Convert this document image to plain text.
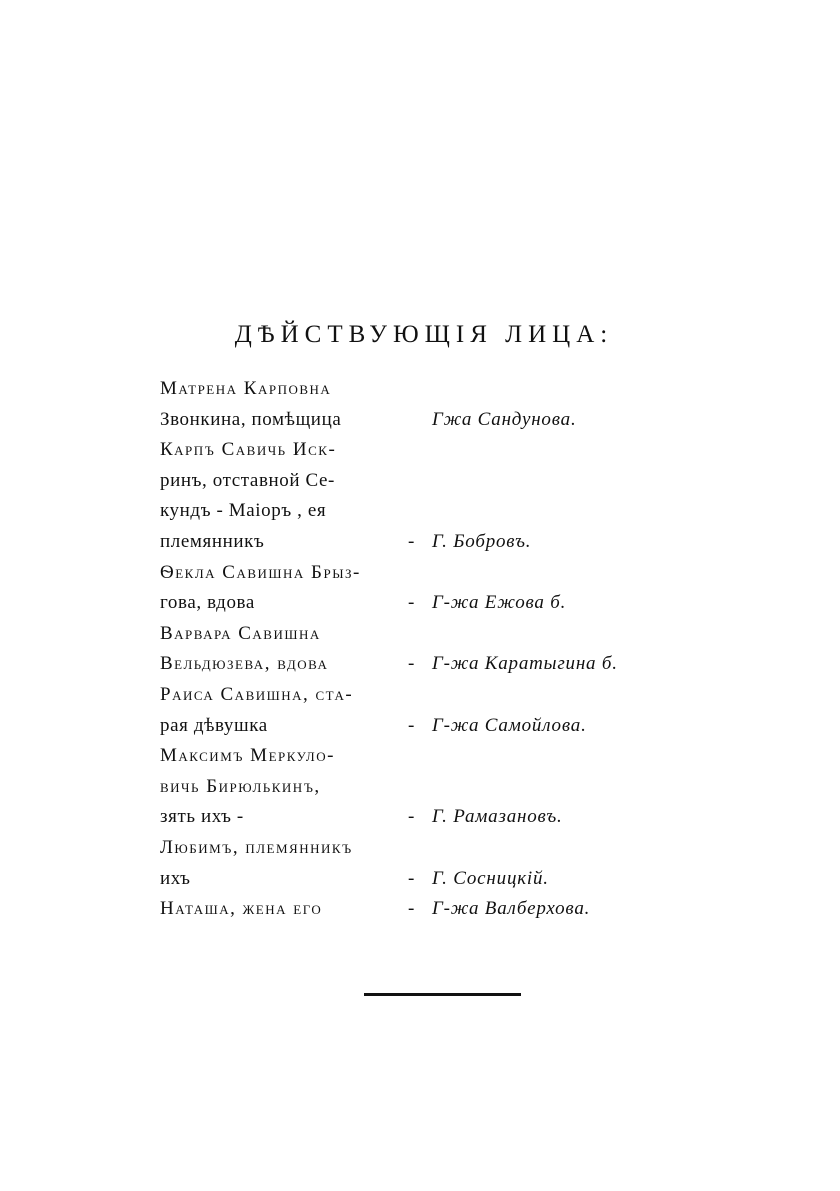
ДѢЙСТВУЮЩІЯ ЛИЦА:
Матрена Карповна
Звонкина, помѣщица	Гжа Сандунова.
Карпъ Савичь Иск-
ринъ, отставной Се-
кундъ - Маіоръ , ея
племянникъ	- Г. Бобровъ.
Ѳекла Савишна Брыз-
гова, вдова	- Г-жа Ежова б.
Варвара Савишна
Вельдюзева, вдова	- Г-жа Каратыгина б.
Раиса Савишна, ста-
рая дѣвушка	- Г-жа Самойлова.
Максимъ Меркуло-
вичь Бирюлькинъ,
зять ихъ -	- Г. Рамазановъ.
Любимъ, племянникъ
ихъ	- Г. Сосницкій.
Наташа, жена его	- Г-жа Валберхова.
